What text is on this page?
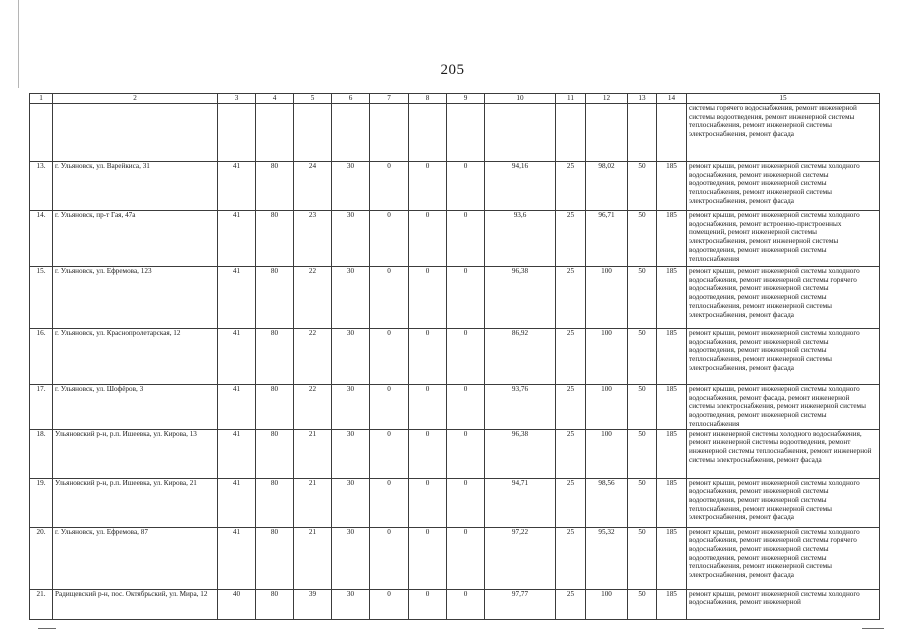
205
1	2	3	4	5	6	7	8	9	10	11	12	13	14	15
														системы горячего водоснабжения, ремонт инженерной системы водоотведения, ремонт инженерной системы теплоснабжения, ремонт инженерной системы электроснабжения, ремонт фасада
13.	г. Ульяновск, ул. Варейкиса, 31	41	80	24	30	0	0	0	94,16	25	98,02	50	185	ремонт крыши, ремонт инженерной системы холодного водоснабжения, ремонт инженерной системы водоотведения, ремонт инженерной системы теплоснабжения, ремонт инженерной системы электроснабжения, ремонт фасада
14.	г. Ульяновск, пр-т Гая, 47а	41	80	23	30	0	0	0	93,6	25	96,71	50	185	ремонт крыши, ремонт инженерной системы холодного водоснабжения, ремонт встроенно-пристроенных помещений, ремонт инженерной системы электроснабжения, ремонт инженерной системы водоотведения, ремонт инженерной системы теплоснабжения
15.	г. Ульяновск, ул. Ефремова, 123	41	80	22	30	0	0	0	96,38	25	100	50	185	ремонт крыши, ремонт инженерной системы холодного водоснабжения, ремонт инженерной системы горячего водоснабжения, ремонт инженерной системы водоотведения, ремонт инженерной системы теплоснабжения, ремонт инженерной системы электроснабжения, ремонт фасада
16.	г. Ульяновск, ул. Краснопролетарская, 12	41	80	22	30	0	0	0	86,92	25	100	50	185	ремонт крыши, ремонт инженерной системы холодного водоснабжения, ремонт инженерной системы водоотведения, ремонт инженерной системы теплоснабжения, ремонт инженерной системы электроснабжения, ремонт фасада
17.	г. Ульяновск, ул. Шофёров, 3	41	80	22	30	0	0	0	93,76	25	100	50	185	ремонт крыши, ремонт инженерной системы холодного водоснабжения, ремонт фасада, ремонт инженерной системы электроснабжения, ремонт инженерной системы водоотведения, ремонт инженерной системы теплоснабжения
18.	Ульяновский р-н, р.п. Ишеевка, ул. Кирова, 13	41	80	21	30	0	0	0	96,38	25	100	50	185	ремонт инженерной системы холодного водоснабжения, ремонт инженерной системы водоотведения, ремонт инженерной системы теплоснабжения, ремонт инженерной системы электроснабжения, ремонт фасада
19.	Ульяновский р-н, р.п. Ишеевка, ул. Кирова, 21	41	80	21	30	0	0	0	94,71	25	98,56	50	185	ремонт крыши, ремонт инженерной системы холодного водоснабжения, ремонт инженерной системы водоотведения, ремонт инженерной системы теплоснабжения, ремонт инженерной системы электроснабжения, ремонт фасада
20.	г. Ульяновск, ул. Ефремова, 87	41	80	21	30	0	0	0	97,22	25	95,32	50	185	ремонт крыши, ремонт инженерной системы холодного водоснабжения, ремонт инженерной системы горячего водоснабжения, ремонт инженерной системы водоотведения, ремонт инженерной системы теплоснабжения, ремонт инженерной системы электроснабжения, ремонт фасада
21.	Радищевский р-н, пос. Октябрьский, ул. Мира, 12	40	80	39	30	0	0	0	97,77	25	100	50	185	ремонт крыши, ремонт инженерной системы холодного водоснабжения, ремонт инженерной
